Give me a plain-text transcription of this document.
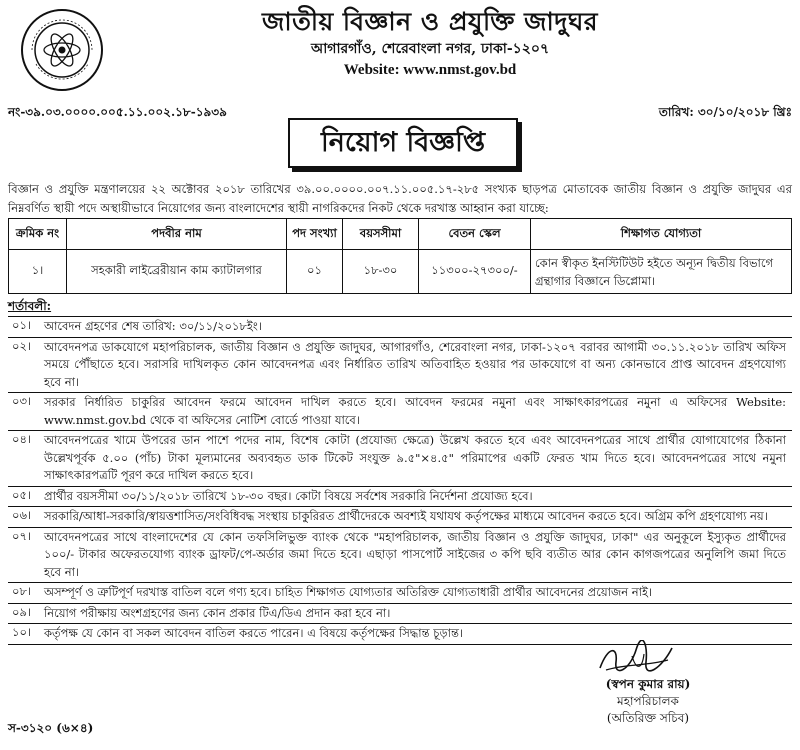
জাতীয় বিজ্ঞান ও প্রযুক্তি জাদুঘর
আগারগাঁও, শেরেবাংলা নগর, ঢাকা-১২০৭
Website: www.nmst.gov.bd
নং-৩৯.০৩.০০০০.০০৫.১১.০০২.১৮-১৯৩৯	তারিখ: ৩০/১০/২০১৮ খ্রিঃ
নিয়োগ বিজ্ঞপ্তি
বিজ্ঞান ও প্রযুক্তি মন্ত্রণালয়ের ২২ অক্টোবর ২০১৮ তারিখের ৩৯.০০.০০০০.০০৭.১১.০০৫.১৭-২৮৫ সংখ্যক ছাড়পত্র মোতাবেক জাতীয় বিজ্ঞান ও প্রযুক্তি জাদুঘর এর নিম্নবর্ণিত স্থায়ী পদে অস্থায়ীভাবে নিয়োগের জন্য বাংলাদেশের স্থায়ী নাগরিকদের নিকট থেকে দরখাস্ত আহ্বান করা যাচ্ছে:
ক্রমিক নং	পদবীর নাম	পদ সংখ্যা	বয়সসীমা	বেতন স্কেল	শিক্ষাগত যোগ্যতা
১।	সহকারী লাইব্রেরীয়ান কাম ক্যাটালগার	০১	১৮-৩০	১১৩০০-২৭৩০০/-	কোন স্বীকৃত ইনস্টিটিউট হইতে অন্যূন দ্বিতীয় বিভাগে গ্রন্থাগার বিজ্ঞানে ডিপ্লোমা।
শর্তাবলী:
০১।	আবেদন গ্রহণের শেষ তারিখ: ৩০/১১/২০১৮ইং।
০২।	আবেদনপত্র ডাকযোগে মহাপরিচালক, জাতীয় বিজ্ঞান ও প্রযুক্তি জাদুঘর, আগারগাঁও, শেরেবাংলা নগর, ঢাকা-১২০৭ বরাবর আগামী ৩০.১১.২০১৮ তারিখ অফিস সময়ে পৌঁছাতে হবে। সরাসরি দাখিলকৃত কোন আবেদনপত্র এবং নির্ধারিত তারিখ অতিবাহিত হওয়ার পর ডাকযোগে বা অন্য কোনভাবে প্রাপ্ত আবেদন গ্রহণযোগ্য হবে না।
০৩।	সরকার নির্ধারিত চাকুরির আবেদন ফরমে আবেদন দাখিল করতে হবে। আবেদন ফরমের নমুনা এবং সাক্ষাৎকারপত্রের নমুনা এ অফিসের Website: www.nmst.gov.bd থেকে বা অফিসের নোটিশ বোর্ডে পাওয়া যাবে।
০৪।	আবেদনপত্রের খামে উপরের ডান পাশে পদের নাম, বিশেষ কোটা (প্রযোজ্য ক্ষেত্রে) উল্লেখ করতে হবে এবং আবেদনপত্রের সাথে প্রার্থীর যোগাযোগের ঠিকানা উল্লেখপূর্বক ৫.০০ (পাঁচ) টাকা মূল্যমানের অব্যবহৃত ডাক টিকেট সংযুক্ত ৯.৫"×৪.৫" পরিমাপের একটি ফেরত খাম দিতে হবে। আবেদনপত্রের সাথে নমুনা সাক্ষাৎকারপত্রটি পূরণ করে দাখিল করতে হবে।
০৫।	প্রার্থীর বয়সসীমা ৩০/১১/২০১৮ তারিখে ১৮-৩০ বছর। কোটা বিষয়ে সর্বশেষ সরকারি নির্দেশনা প্রযোজ্য হবে।
০৬।	সরকারি/আধা-সরকারি/স্বায়ত্তশাসিত/সংবিধিবদ্ধ সংস্থায় চাকুরিরত প্রার্থীদেরকে অবশ্যই যথাযথ কর্তৃপক্ষের মাধ্যমে আবেদন করতে হবে। অগ্রিম কপি গ্রহণযোগ্য নয়।
০৭।	আবেদনপত্রের সাথে বাংলাদেশের যে কোন তফসিলিভুক্ত ব্যাংক থেকে "মহাপরিচালক, জাতীয় বিজ্ঞান ও প্রযুক্তি জাদুঘর, ঢাকা" এর অনুকূলে ইস্যুকৃত প্রার্থীদের ১০০/- টাকার অফেরতযোগ্য ব্যাংক ড্রাফট/পে-অর্ডার জমা দিতে হবে। এছাড়া পাসপোর্ট সাইজের ৩ কপি ছবি ব্যতীত আর কোন কাগজপত্রের অনুলিপি জমা দিতে হবে না।
০৮।	অসম্পূর্ণ ও ত্রুটিপূর্ণ দরখাস্ত বাতিল বলে গণ্য হবে। চাহিত শিক্ষাগত যোগ্যতার অতিরিক্ত যোগ্যতাধারী প্রার্থীর আবেদনের প্রয়োজন নাই।
০৯।	নিয়োগ পরীক্ষায় অংশগ্রহণের জন্য কোন প্রকার টিএ/ডিএ প্রদান করা হবে না।
১০।	কর্তৃপক্ষ যে কোন বা সকল আবেদন বাতিল করতে পারেন। এ বিষয়ে কর্তৃপক্ষের সিদ্ধান্ত চূড়ান্ত।
(স্বপন কুমার রায়)
মহাপরিচালক
(অতিরিক্ত সচিব)
স-৩১২০ (৬×৪)
